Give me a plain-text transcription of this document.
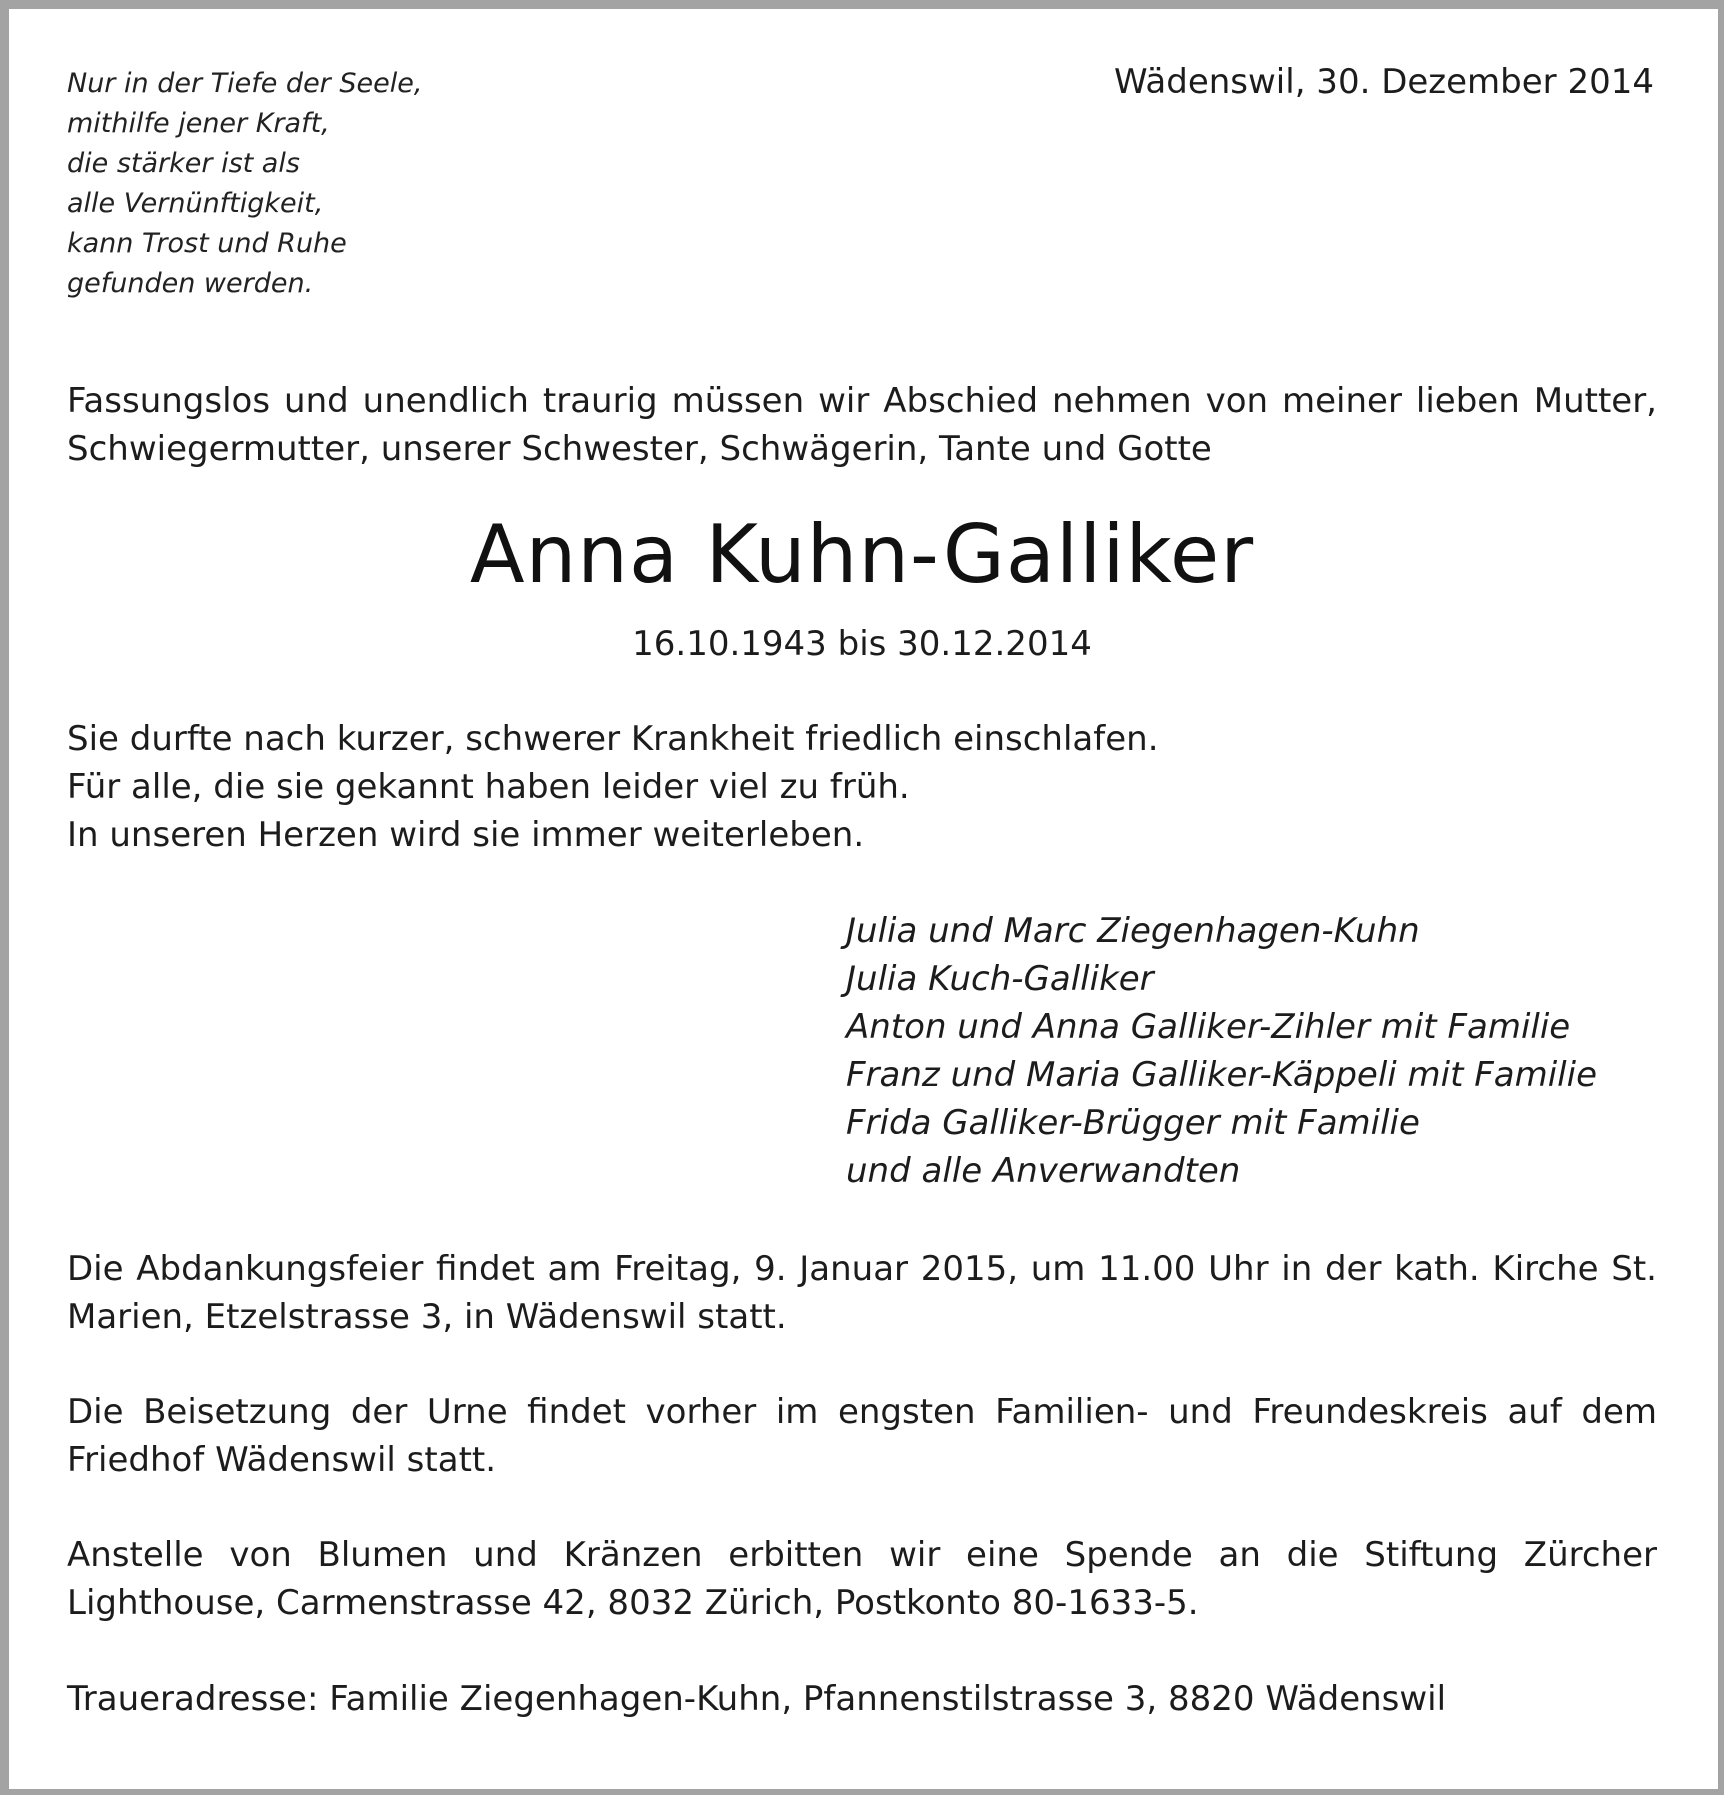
Nur in der Tiefe der Seele,
mithilfe jener Kraft,
die stärker ist als
alle Vernünftigkeit,
kann Trost und Ruhe
gefunden werden.

Wädenswil, 30. Dezember 2014

Fassungslos und unendlich traurig müssen wir Abschied nehmen von meiner lieben Mutter, Schwiegermutter, unserer Schwester, Schwägerin, Tante und Gotte

Anna Kuhn-Galliker

16.10.1943 bis 30.12.2014

Sie durfte nach kurzer, schwerer Krankheit friedlich einschlafen.
Für alle, die sie gekannt haben leider viel zu früh.
In unseren Herzen wird sie immer weiterleben.
Julia und Marc Ziegenhagen-Kuhn
Julia Kuch-Galliker
Anton und Anna Galliker-Zihler mit Familie
Franz und Maria Galliker-Käppeli mit Familie
Frida Galliker-Brügger mit Familie
und alle Anverwandten

Die Abdankungsfeier findet am Freitag, 9. Januar 2015, um 11.00 Uhr in der kath. Kirche St. Marien, Etzelstrasse 3, in Wädenswil statt.

Die Beisetzung der Urne findet vorher im engsten Familien- und Freundeskreis auf dem Friedhof Wädenswil statt.

Anstelle von Blumen und Kränzen erbitten wir eine Spende an die Stiftung Zürcher Lighthouse, Carmenstrasse 42, 8032 Zürich, Postkonto 80-1633-5.

Traueradresse: Familie Ziegenhagen-Kuhn, Pfannenstilstrasse 3, 8820 Wädenswil
